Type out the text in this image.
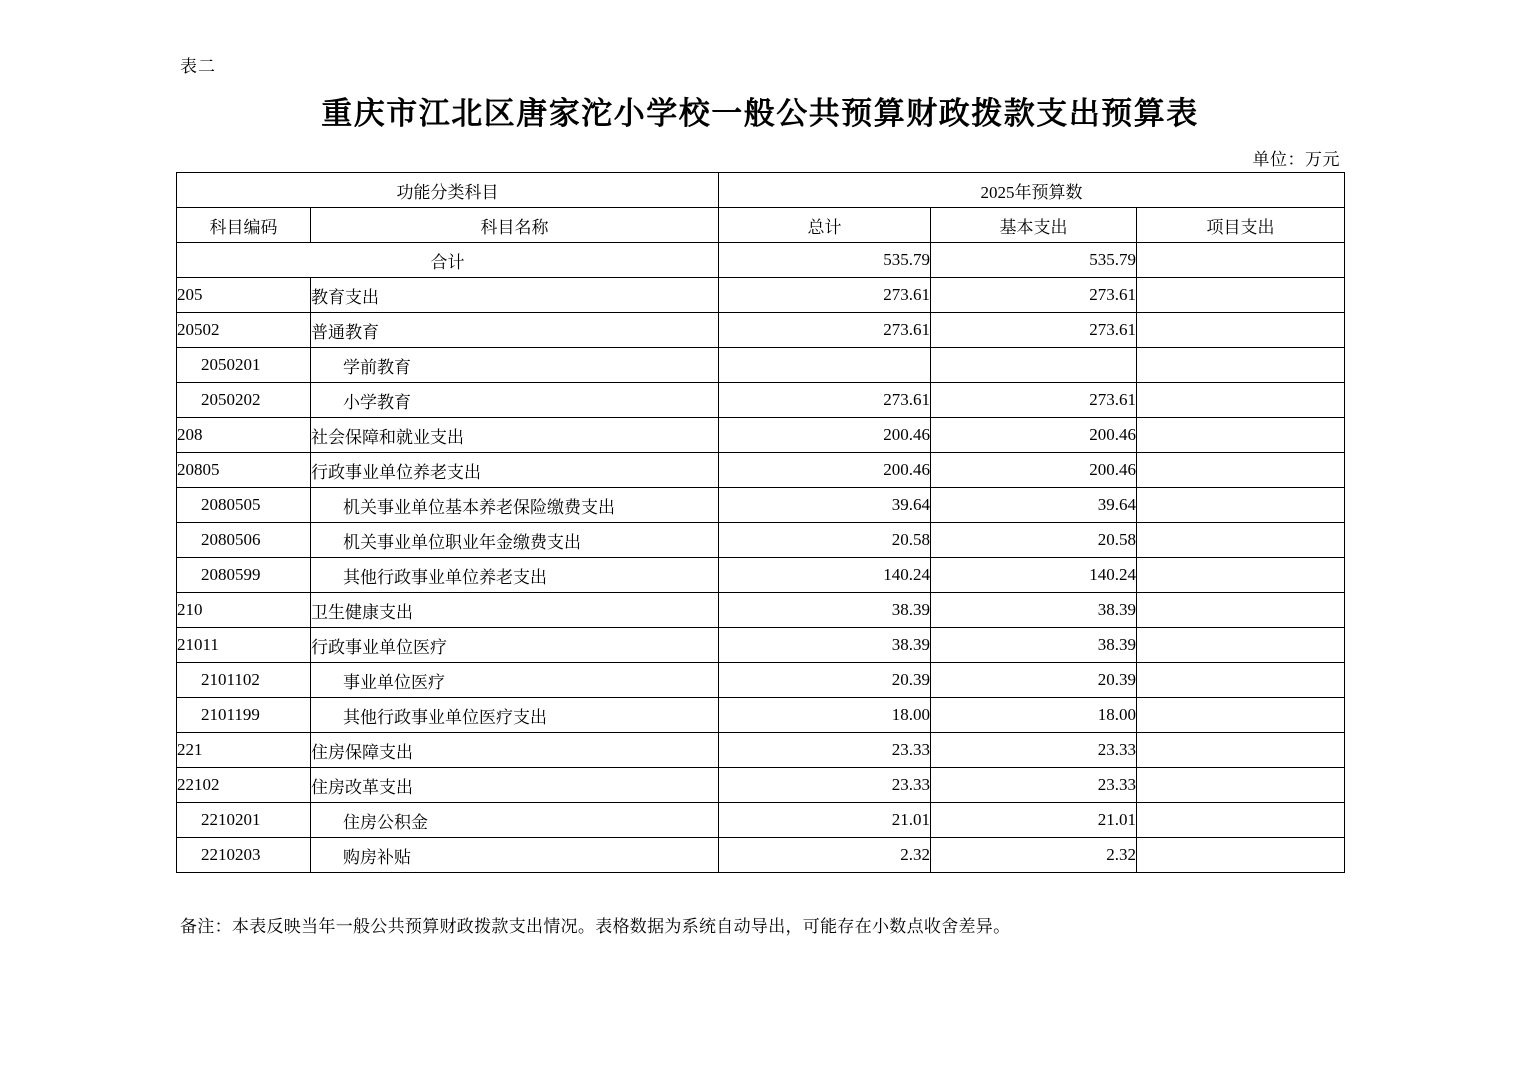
表二
重庆市江北区唐家沱小学校一般公共预算财政拨款支出预算表
单位：万元
功能分类科目		2025年预算数		
科目编码	科目名称	总计	基本支出	项目支出
合计		535.79	535.79	
205	教育支出	273.61	273.61	
20502	普通教育	273.61	273.61	
2050201	学前教育			
2050202	小学教育	273.61	273.61	
208	社会保障和就业支出	200.46	200.46	
20805	行政事业单位养老支出	200.46	200.46	
2080505	机关事业单位基本养老保险缴费支出	39.64	39.64	
2080506	机关事业单位职业年金缴费支出	20.58	20.58	
2080599	其他行政事业单位养老支出	140.24	140.24	
210	卫生健康支出	38.39	38.39	
21011	行政事业单位医疗	38.39	38.39	
2101102	事业单位医疗	20.39	20.39	
2101199	其他行政事业单位医疗支出	18.00	18.00	
221	住房保障支出	23.33	23.33	
22102	住房改革支出	23.33	23.33	
2210201	住房公积金	21.01	21.01	
2210203	购房补贴	2.32	2.32	
备注：本表反映当年一般公共预算财政拨款支出情况。表格数据为系统自动导出，可能存在小数点收舍差异。
